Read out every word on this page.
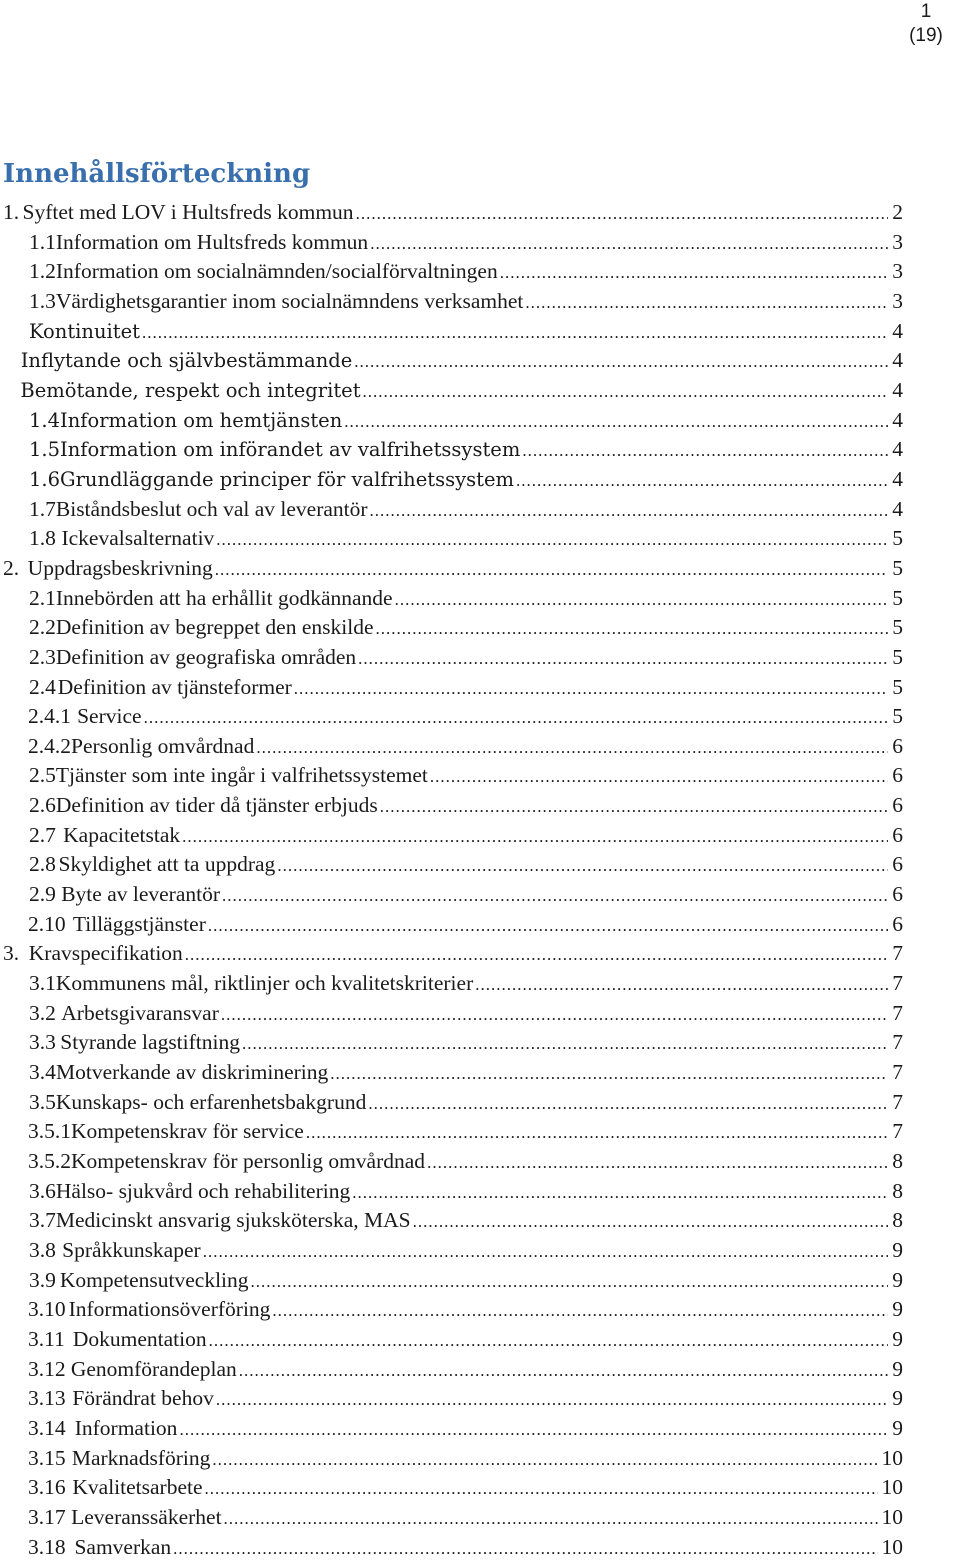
1
(19)
Innehållsförteckning
1. Syftet med LOV i Hultsfreds kommun .....	2
1.1 Information om Hultsfreds kommun .....	3
1.2 Information om socialnämnden/socialförvaltningen .....	3
1.3 Värdighetsgarantier inom socialnämndens verksamhet .....	3
Kontinuitet .....	4
Inflytande och självbestämmande .....	4
Bemötande, respekt och integritet .....	4
1.4 Information om hemtjänsten .....	4
1.5 Information om införandet av valfrihetssystem .....	4
1.6 Grundläggande principer för valfrihetssystem .....	4
1.7 Biståndsbeslut och val av leverantör .....	4
1.8 Ickevalsalternativ .....	5
2. Uppdragsbeskrivning .....	5
2.1 Innebörden att ha erhållit godkännande .....	5
2.2 Definition av begreppet den enskilde .....	5
2.3 Definition av geografiska områden .....	5
2.4 Definition av tjänsteformer .....	5
2.4.1 Service .....	5
2.4.2 Personlig omvårdnad .....	6
2.5 Tjänster som inte ingår i valfrihetssystemet .....	6
2.6 Definition av tider då tjänster erbjuds .....	6
2.7 Kapacitetstak .....	6
2.8 Skyldighet att ta uppdrag .....	6
2.9 Byte av leverantör .....	6
2.10 Tilläggstjänster .....	6
3. Kravspecifikation .....	7
3.1 Kommunens mål, riktlinjer och kvalitetskriterier .....	7
3.2 Arbetsgivaransvar .....	7
3.3 Styrande lagstiftning .....	7
3.4 Motverkande av diskriminering .....	7
3.5 Kunskaps- och erfarenhetsbakgrund .....	7
3.5.1 Kompetenskrav för service .....	7
3.5.2 Kompetenskrav för personlig omvårdnad .....	8
3.6 Hälso- sjukvård och rehabilitering .....	8
3.7 Medicinskt ansvarig sjuksköterska, MAS .....	8
3.8 Språkkunskaper .....	9
3.9 Kompetensutveckling .....	9
3.10 Informationsöverföring .....	9
3.11 Dokumentation .....	9
3.12 Genomförandeplan .....	9
3.13 Förändrat behov .....	9
3.14 Information .....	9
3.15 Marknadsföring .....	10
3.16 Kvalitetsarbete .....	10
3.17 Leveranssäkerhet .....	10
3.18 Samverkan .....	10
